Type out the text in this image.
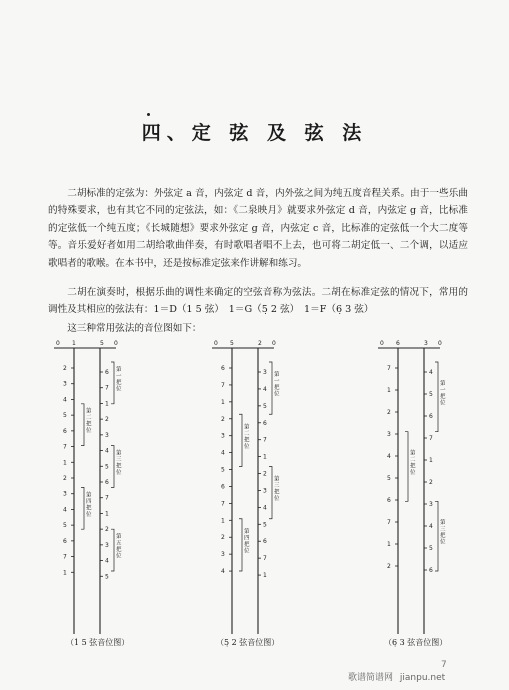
四、定 弦 及 弦 法
二胡标准的定弦为：外弦定 a 音，内弦定 d 音，内外弦之间为纯五度音程关系。由于一些乐曲的特殊要求，也有其它不同的定弦法，如：《二泉映月》就要求外弦定 d 音，内弦定 g 音，比标准的定弦低一个纯五度；《长城随想》要求外弦定 g 音，内弦定 c 音，比标准的定弦低一个大二度等等。音乐爱好者如用二胡给歌曲伴奏，有时歌唱者唱不上去，也可将二胡定低一、二个调，以适应歌唱者的歌喉。在本书中，还是按标准定弦来作讲解和练习。
二胡在演奏时，根据乐曲的调性来确定的空弦音称为弦法。二胡在标准定弦的情况下，常用的调性及其相应的弦法有：1＝D（1 5 弦）　1＝G（5̣ 2 弦）　1＝F（6̣ 3 弦）
这三种常用弦法的音位图如下：
0 1	5 0
2
3
4
5
6
7
1
2
3
4
5
6
7
1
6
7
1
2
3
4
5
6
7
1
2
3
4
5
第
一
把
位
第
二
把
位
第
三
把
位
第
四
把
位
第
五
把
位
（1 5 弦音位图）
0 5	2 0
6
7
1
2
3
4
5
6
7
1
2
3
4
3
4
5
6
7
1
2
3
4
5
6
7
1
第
一
把
位
第
二
把
位
第
三
把
位
第
四
把
位
（5̣ 2 弦音位图）
0 6	3 0
7
1
2
3
4
5
6
7
1
2
4
5
6
7
1
2
3
4
5
6
第
一
把
位
第
二
把
位
第
三
把
位
（6̣ 3 弦音位图）
7
歌谱简谱网 jianpu.net
